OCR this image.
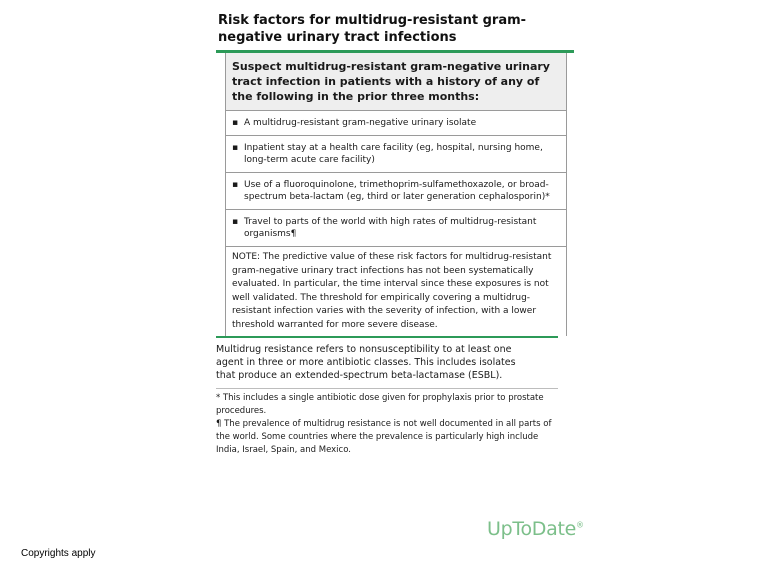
Risk factors for multidrug-resistant gram-negative urinary tract infections
Suspect multidrug-resistant gram-negative urinary tract infection in patients with a history of any of the following in the prior three months:
▪ A multidrug-resistant gram-negative urinary isolate
▪ Inpatient stay at a health care facility (eg, hospital, nursing home, long-term acute care facility)
▪ Use of a fluoroquinolone, trimethoprim-sulfamethoxazole, or broad-spectrum beta-lactam (eg, third or later generation cephalosporin)*
▪ Travel to parts of the world with high rates of multidrug-resistant organisms¶
NOTE: The predictive value of these risk factors for multidrug-resistant gram-negative urinary tract infections has not been systematically evaluated. In particular, the time interval since these exposures is not well validated. The threshold for empirically covering a multidrug-resistant infection varies with the severity of infection, with a lower threshold warranted for more severe disease.
Multidrug resistance refers to nonsusceptibility to at least one agent in three or more antibiotic classes. This includes isolates that produce an extended-spectrum beta-lactamase (ESBL).
* This includes a single antibiotic dose given for prophylaxis prior to prostate procedures.
¶ The prevalence of multidrug resistance is not well documented in all parts of the world. Some countries where the prevalence is particularly high include India, Israel, Spain, and Mexico.
UpToDate®
Copyrights apply
